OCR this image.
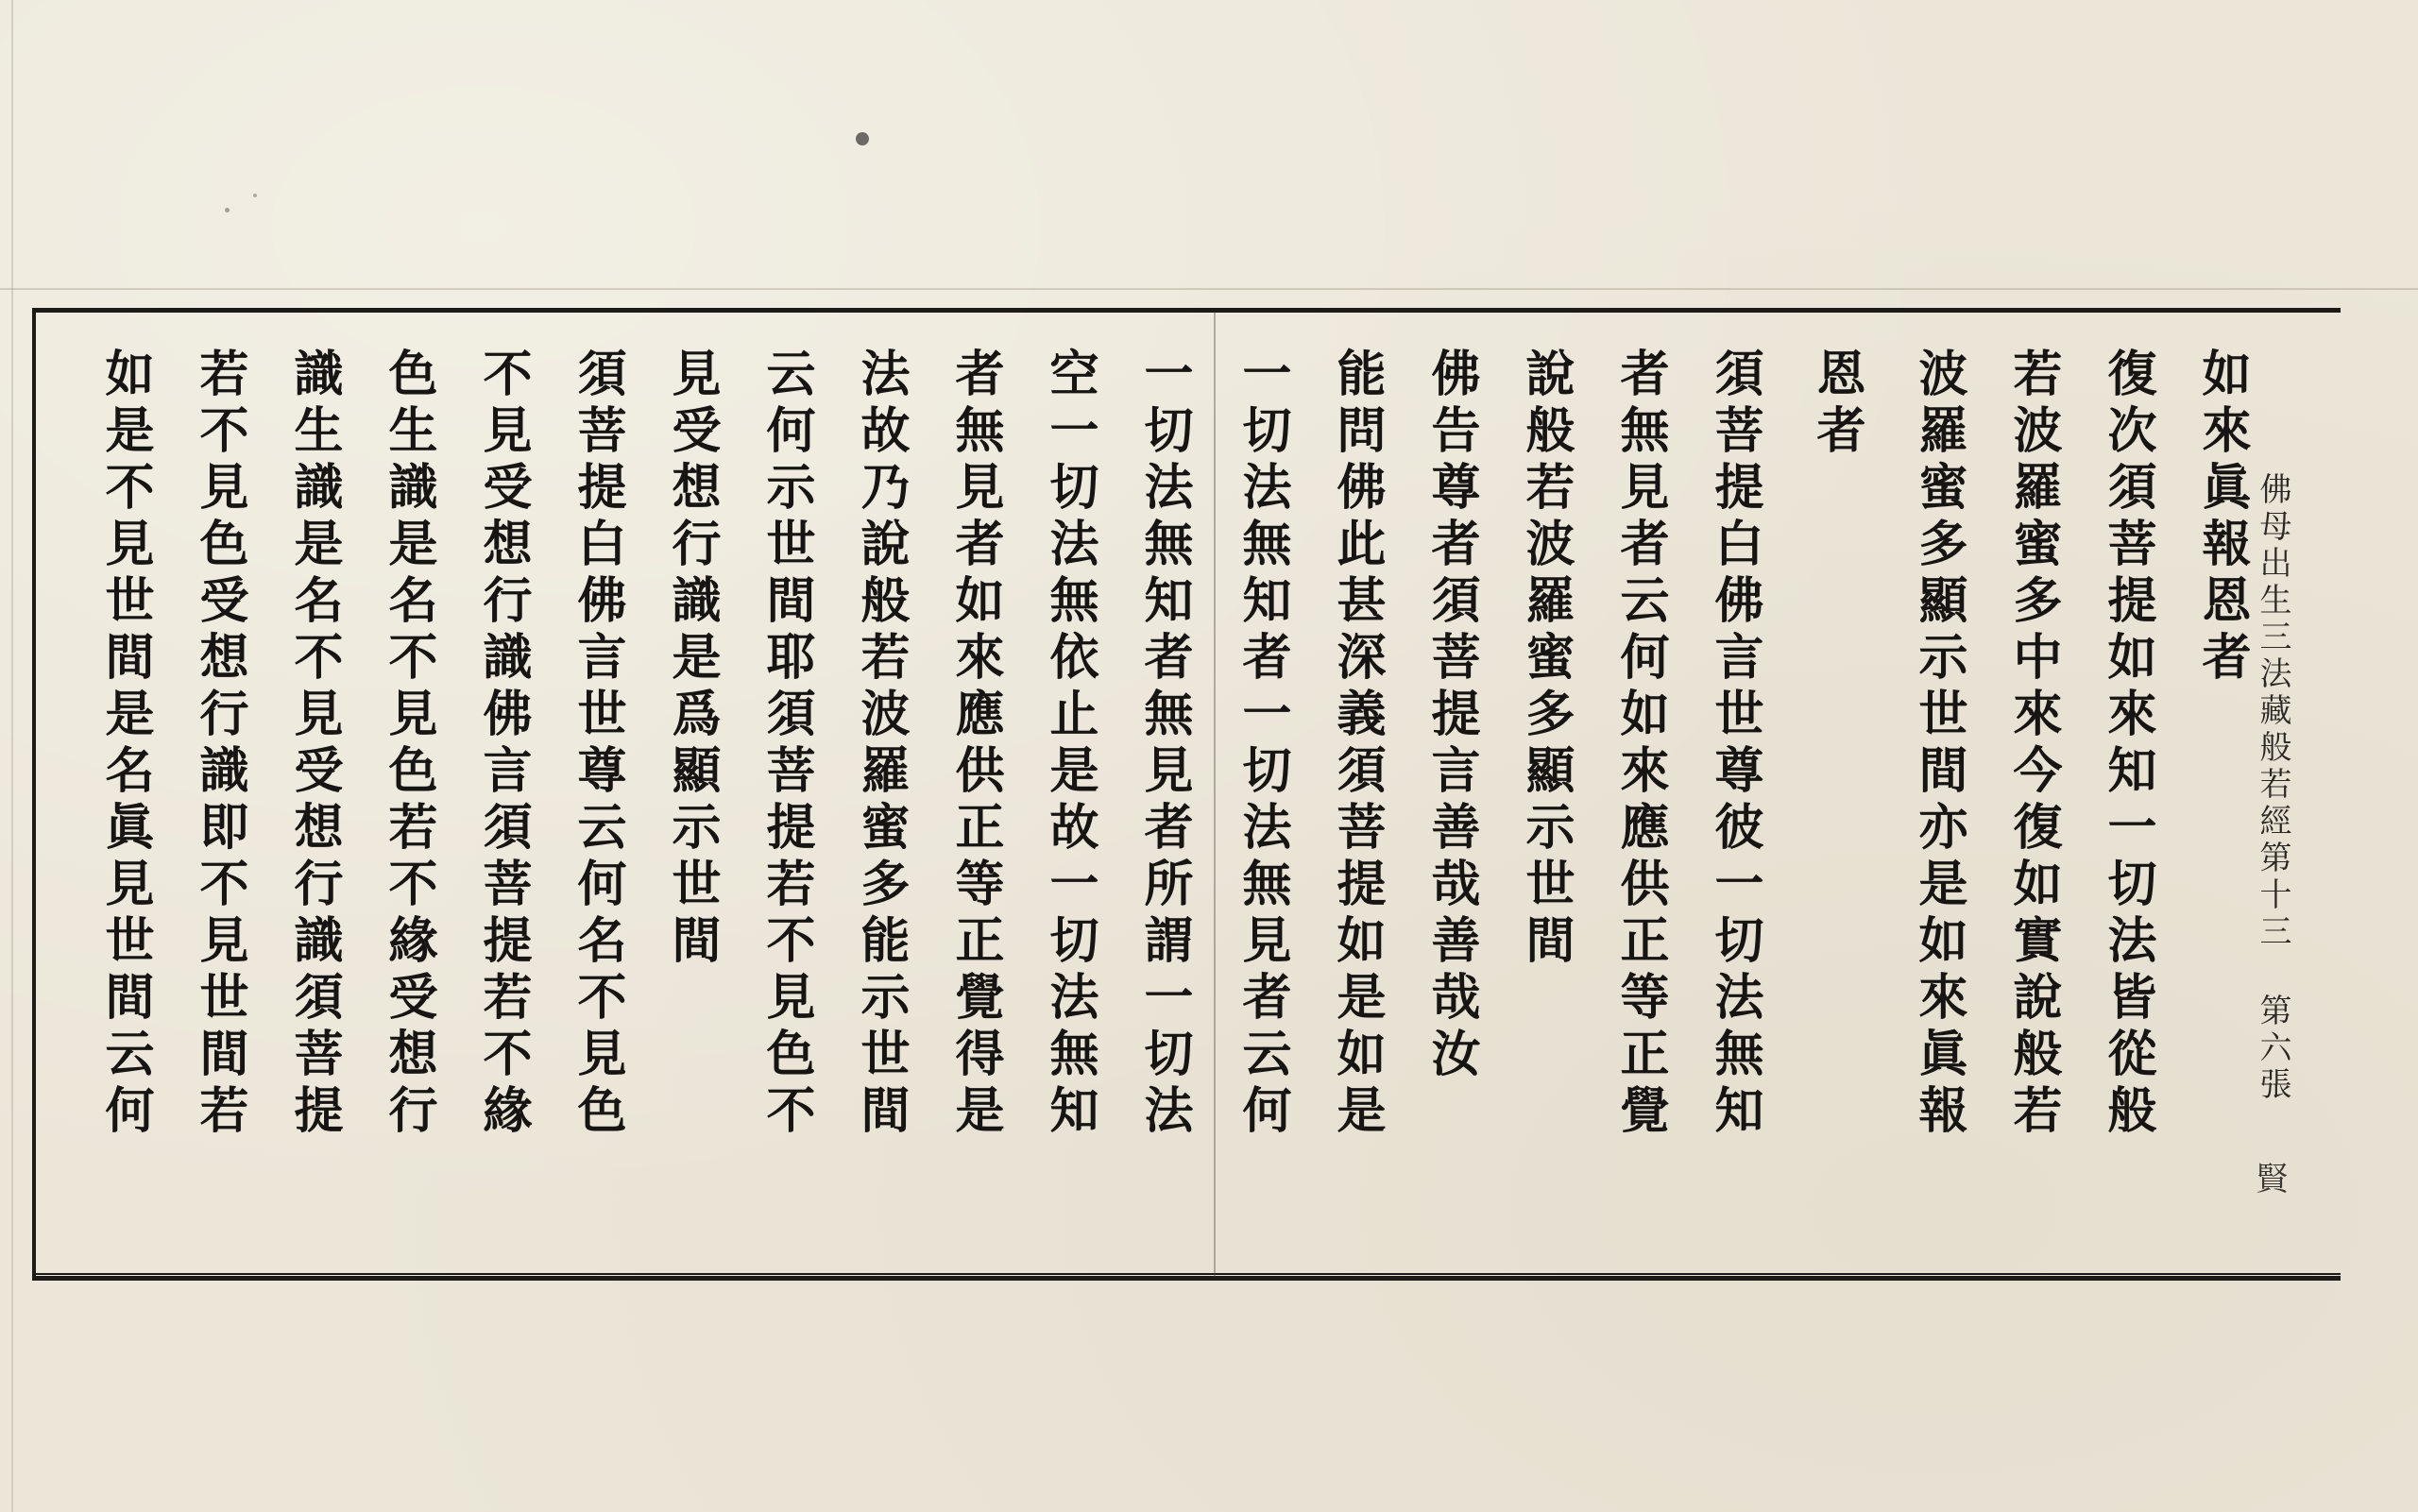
佛母出生三法藏般若經第十三 第六張
賢
如來眞報恩者
復次須菩提如來知一切法皆從般
若波羅蜜多中來今復如實說般若
波羅蜜多顯示世間亦是如來眞報
恩者
須菩提白佛言世尊彼一切法無知
者無見者云何如來應供正等正覺
說般若波羅蜜多顯示世間
佛告尊者須菩提言善哉善哉汝
能問佛此甚深義須菩提如是如是
一切法無知者一切法無見者云何
一切法無知者無見者所謂一切法
空一切法無依止是故一切法無知
者無見者如來應供正等正覺得是
法故乃說般若波羅蜜多能示世間
云何示世間耶須菩提若不見色不
見受想行識是爲顯示世間
須菩提白佛言世尊云何名不見色
不見受想行識佛言須菩提若不緣
色生識是名不見色若不緣受想行
識生識是名不見受想行識須菩提
若不見色受想行識即不見世間若
如是不見世間是名眞見世間云何
